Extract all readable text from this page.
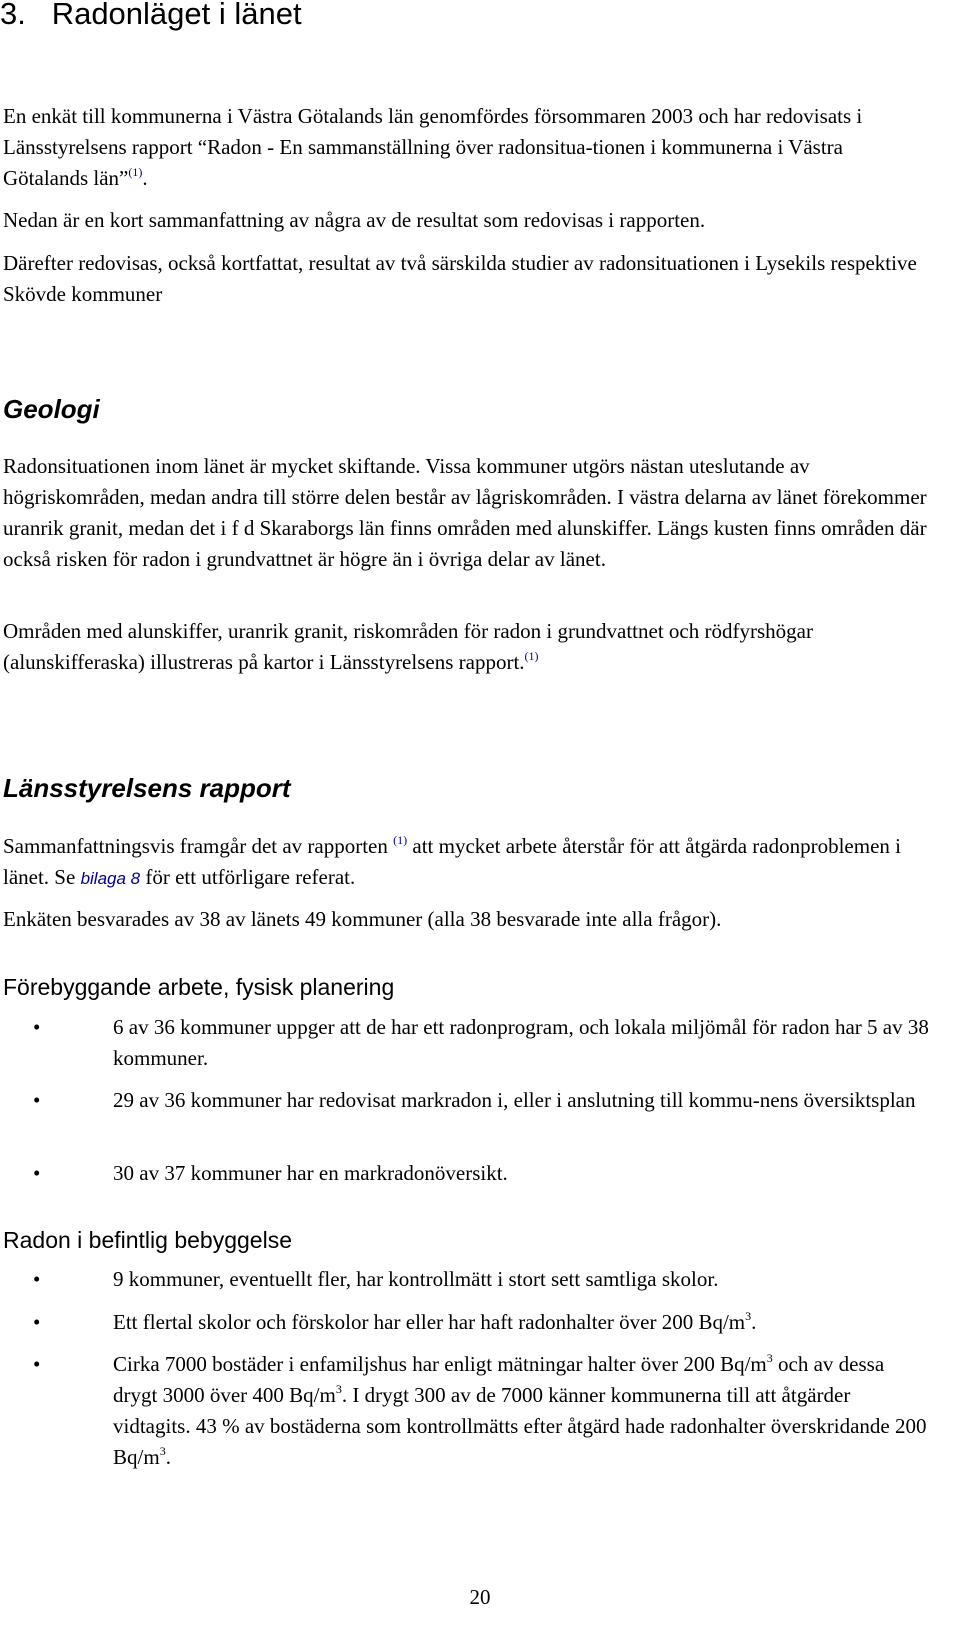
3.   Radonläget i länet

En enkät till kommunerna i Västra Götalands län genomfördes försommaren 2003 och har redovisats i Länsstyrelsens rapport “Radon - En sammanställning över radonsitua-tionen i kommunerna i Västra Götalands län”$^{(1)}$.

Nedan är en kort sammanfattning av några av de resultat som redovisas i rapporten.

Därefter redovisas, också kortfattat, resultat av två särskilda studier av radonsituationen i Lysekils respektive Skövde kommuner

Geologi

Radonsituationen inom länet är mycket skiftande. Vissa kommuner utgörs nästan uteslutande av högriskområden, medan andra till större delen består av lågriskområden. I västra delarna av länet förekommer uranrik granit, medan det i f d Skaraborgs län finns områden med alunskiffer. Längs kusten finns områden där också risken för radon i grundvattnet är högre än i övriga delar av länet.

Områden med alunskiffer, uranrik granit, riskområden för radon i grundvattnet och rödfyrshögar (alunskifferaska) illustreras på kartor i Länsstyrelsens rapport.$^{(1)}$

Länsstyrelsens rapport

Sammanfattningsvis framgår det av rapporten $^{(1)}$ att mycket arbete återstår för att åtgärda radonproblemen i länet. Se bilaga 8 för ett utförligare referat.

Enkäten besvarades av 38 av länets 49 kommuner (alla 38 besvarade inte alla frågor).

Förebyggande arbete, fysisk planering
•	6 av 36 kommuner uppger att de har ett radonprogram, och lokala miljömål för radon har 5 av 38 kommuner.

•	29 av 36 kommuner har redovisat markradon i, eller i anslutning till kommu-nens översiktsplan

•	30 av 37 kommuner har en markradonöversikt.

Radon i befintlig bebyggelse
•	9 kommuner, eventuellt fler, har kontrollmätt i stort sett samtliga skolor.

•	Ett flertal skolor och förskolor har eller har haft radonhalter över 200 $Bq/m^3$.

•	Cirka 7000 bostäder i enfamiljshus har enligt mätningar halter över 200 $Bq/m^3$ och av dessa drygt 3000 över 400 $Bq/m^3$. I drygt 300 av de 7000 känner kommunerna till att åtgärder vidtagits. 43 % av bostäderna som kontrollmätts efter åtgärd hade radonhalter överskridande 200 $Bq/m^3$.

20
